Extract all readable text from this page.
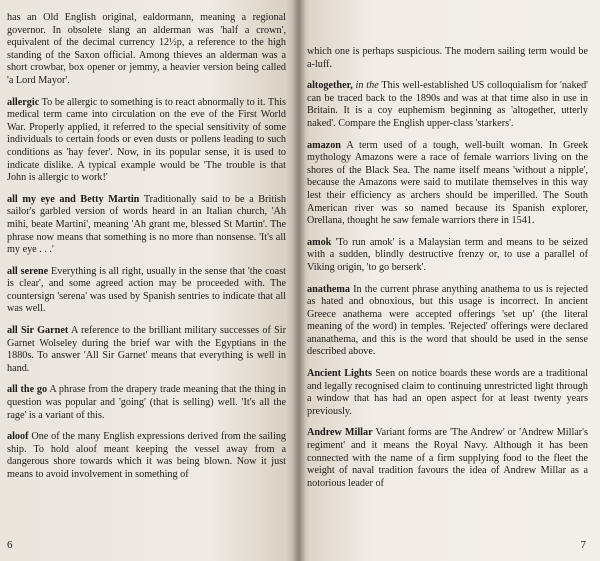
has an Old English original, ealdormann, meaning a regional governor. In obsolete slang an alderman was 'half a crown', equivalent of the decimal currency 12½p, a reference to the high standing of the Saxon official. Among thieves an alderman was a short crowbar, box opener or jemmy, a heavier version being called 'a Lord Mayor'.

allergic To be allergic to something is to react abnormally to it. This medical term came into circulation on the eve of the First World War. Properly applied, it referred to the special sensitivity of some individuals to certain foods or even dusts or pollens leading to such conditions as 'hay fever'. Now, in its popular sense, it is used to indicate dislike. A typical example would be 'The trouble is that John is allergic to work!'

all my eye and Betty Martin Traditionally said to be a British sailor's garbled version of words heard in an Italian church, 'Ah mihi, beate Martini', meaning 'Ah grant me, blessed St Martin'. The phrase now means that something is no more than nonsense. 'It's all my eye . . .'

all serene Everything is all right, usually in the sense that 'the coast is clear', and some agreed action may be proceeded with. The countersign 'serena' was used by Spanish sentries to indicate that all was well.

all Sir Garnet A reference to the brilliant military successes of Sir Garnet Wolseley during the brief war with the Egyptians in the 1880s. To answer 'All Sir Garnet' means that everything is well in hand.

all the go A phrase from the drapery trade meaning that the thing in question was popular and 'going' (that is selling) well. 'It's all the rage' is a variant of this.

aloof One of the many English expressions derived from the sailing ship. To hold aloof meant keeping the vessel away from a dangerous shore towards which it was being blown. Now it just means to avoid involvement in something of

6

which one is perhaps suspicious. The modern sailing term would be a-luff.

altogether, in the This well-established US colloquialism for 'naked' can be traced back to the 1890s and was at that time also in use in Britain. It is a coy euphemism beginning as 'altogether, utterly naked'. Compare the English upper-class 'starkers'.

amazon A term used of a tough, well-built woman. In Greek mythology Amazons were a race of female warriors living on the shores of the Black Sea. The name itself means 'without a nipple', because the Amazons were said to mutilate themselves in this way lest their efficiency as archers should be imperilled. The South American river was so named because its Spanish explorer, Orellana, thought he saw female warriors there in 1541.

amok 'To run amok' is a Malaysian term and means to be seized with a sudden, blindly destructive frenzy or, to use a parallel of Viking origin, 'to go berserk'.

anathema In the current phrase anything anathema to us is rejected as hated and obnoxious, but this usage is incorrect. In ancient Greece anathema were accepted offerings 'set up' (the literal meaning of the word) in temples. 'Rejected' offerings were declared ananathema, and this is the word that should be used in the sense described above.

Ancient Lights Seen on notice boards these words are a traditional and legally recognised claim to continuing unrestricted light through a window that has had an open aspect for at least twenty years previously.

Andrew Millar Variant forms are 'The Andrew' or 'Andrew Millar's regiment' and it means the Royal Navy. Although it has been connected with the name of a firm supplying food to the fleet the weight of naval tradition favours the idea of Andrew Millar as a notorious leader of

7
